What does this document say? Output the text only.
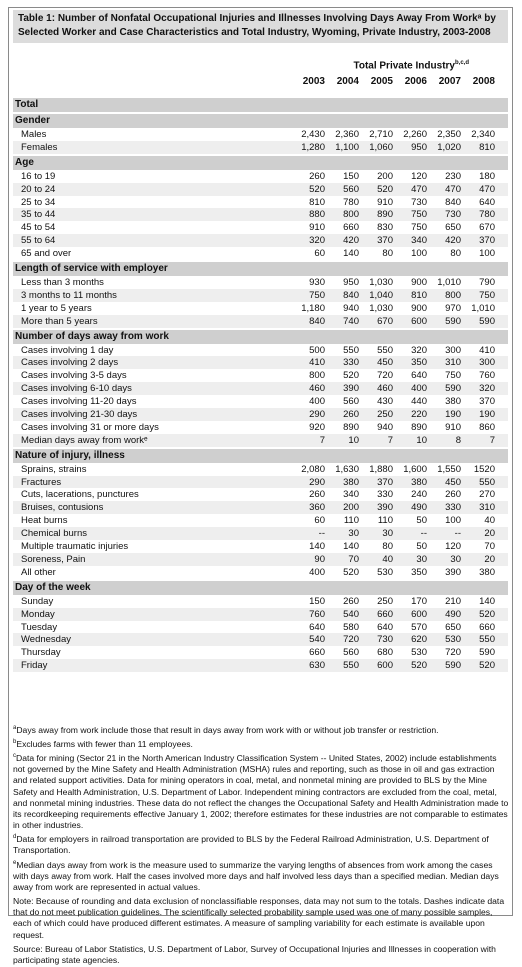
Table 1: Number of Nonfatal Occupational Injuries and Illnesses Involving Days Away From Workᵃ by Selected Worker and Case Characteristics and Total Industry, Wyoming, Private Industry, 2003-2008
Total Private Industry$^{b,c,d}$
2003	2004	2005	2006	2007	2008
Total
Gender
Males	2,430	2,360	2,710	2,260	2,350	2,340
Females	1,280	1,100	1,060	950	1,020	810
Age
16 to 19	260	150	200	120	230	180
20 to 24	520	560	520	470	470	470
25 to 34	810	780	910	730	840	640
35 to 44	880	800	890	750	730	780
45 to 54	910	660	830	750	650	670
55 to 64	320	420	370	340	420	370
65 and over	60	140	80	100	80	100
Length of service with employer
Less than 3 months	930	950	1,030	900	1,010	790
3 months to 11 months	750	840	1,040	810	800	750
1 year to 5 years	1,180	940	1,030	900	970	1,010
More than 5 years	840	740	670	600	590	590
Number of days away from work
Cases involving 1 day	500	550	550	320	300	410
Cases involving 2 days	410	330	450	350	310	300
Cases involving 3-5 days	800	520	720	640	750	760
Cases involving 6-10 days	460	390	460	400	590	320
Cases involving 11-20 days	400	560	430	440	380	370
Cases involving 21-30 days	290	260	250	220	190	190
Cases involving 31 or more days	920	890	940	890	910	860
Median days away from workᵉ	7	10	7	10	8	7
Nature of injury, illness
Sprains, strains	2,080	1,630	1,880	1,600	1,550	1520
Fractures	290	380	370	380	450	550
Cuts, lacerations, punctures	260	340	330	240	260	270
Bruises, contusions	360	200	390	490	330	310
Heat burns	60	110	110	50	100	40
Chemical burns	--	30	30	--	--	20
Multiple traumatic injuries	140	140	80	50	120	70
Soreness, Pain	90	70	40	30	30	20
All other	400	520	530	350	390	380
Day of the week
Sunday	150	260	250	170	210	140
Monday	760	540	660	600	490	520
Tuesday	640	580	640	570	650	660
Wednesday	540	720	730	620	530	550
Thursday	660	560	680	530	720	590
Friday	630	550	600	520	590	520

$^a$Days away from work include those that result in days away from work with or without job transfer or restriction.

$^b$Excludes farms with fewer than 11 employees.

$^c$Data for mining (Sector 21 in the North American Industry Classification System -- United States, 2002) include establishments not governed by the Mine Safety and Health Administration (MSHA) rules and reporting, such as those in oil and gas extraction and related support activities. Data for mining operators in coal, metal, and nonmetal mining are provided to BLS by the Mine Safety and Health Administration, U.S. Department of Labor. Independent mining contractors are excluded from the coal, metal, and nonmetal mining industries. These data do not reflect the changes the Occupational Safety and Health Administration made to its recordkeeping requirements effective January 1, 2002; therefore estimates for these industries are not comparable to estimates in other industries.

$^d$Data for employers in railroad transportation are provided to BLS by the Federal Railroad Administration, U.S. Department of Transportation.

$^e$Median days away from work is the measure used to summarize the varying lengths of absences from work among the cases with days away from work. Half the cases involved more days and half involved less days than a specified median. Median days away from work are represented in actual values.

Note: Because of rounding and data exclusion of nonclassifiable responses, data may not sum to the totals. Dashes indicate data that do not meet publication guidelines. The scientifically selected probability sample used was one of many possible samples, each of which could have produced different estimates. A measure of sampling variability for each estimate is available upon request.

Source: Bureau of Labor Statistics, U.S. Department of Labor, Survey of Occupational Injuries and Illnesses in cooperation with participating state agencies.
